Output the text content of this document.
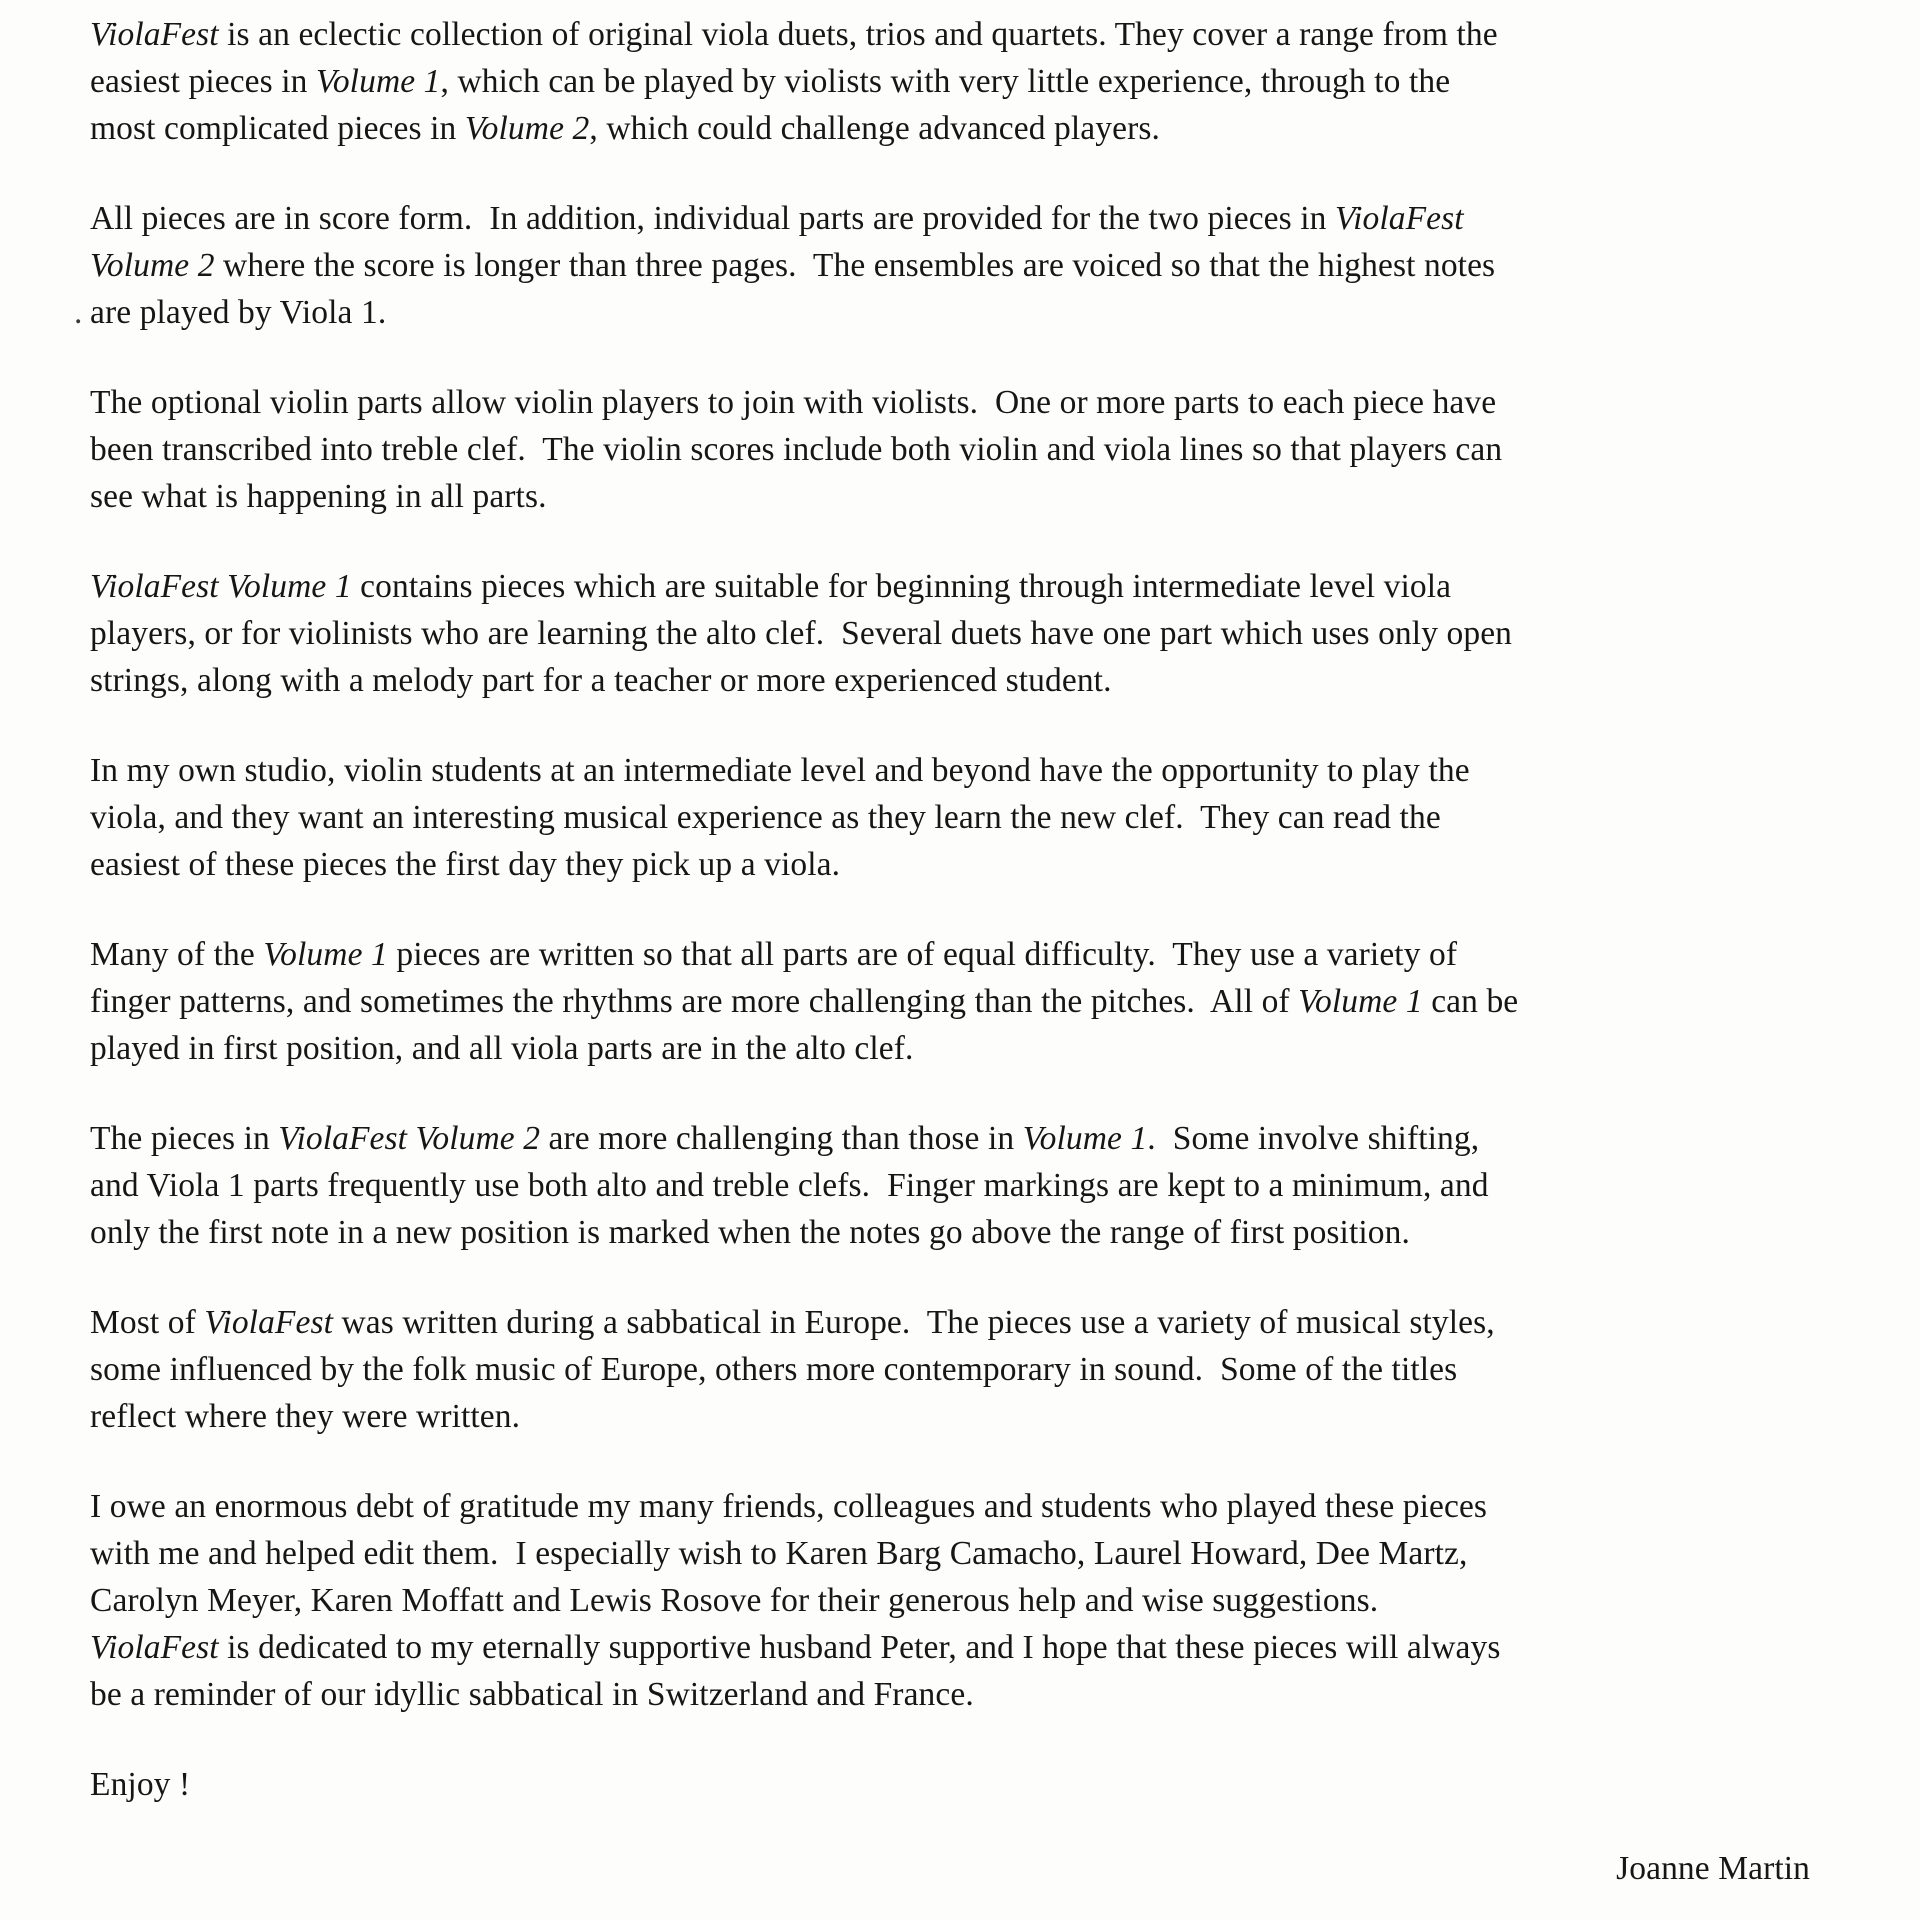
ViolaFest is an eclectic collection of original viola duets, trios and quartets. They cover a range from the
easiest pieces in Volume 1, which can be played by violists with very little experience, through to the
most complicated pieces in Volume 2, which could challenge advanced players.

All pieces are in score form.  In addition, individual parts are provided for the two pieces in ViolaFest
Volume 2 where the score is longer than three pages.  The ensembles are voiced so that the highest notes
are played by Viola 1.
.

The optional violin parts allow violin players to join with violists.  One or more parts to each piece have
been transcribed into treble clef.  The violin scores include both violin and viola lines so that players can
see what is happening in all parts.

ViolaFest Volume 1 contains pieces which are suitable for beginning through intermediate level viola
players, or for violinists who are learning the alto clef.  Several duets have one part which uses only open
strings, along with a melody part for a teacher or more experienced student.

In my own studio, violin students at an intermediate level and beyond have the opportunity to play the
viola, and they want an interesting musical experience as they learn the new clef.  They can read the
easiest of these pieces the first day they pick up a viola.

Many of the Volume 1 pieces are written so that all parts are of equal difficulty.  They use a variety of
finger patterns, and sometimes the rhythms are more challenging than the pitches.  All of Volume 1 can be
played in first position, and all viola parts are in the alto clef.

The pieces in ViolaFest Volume 2 are more challenging than those in Volume 1.  Some involve shifting,
and Viola 1 parts frequently use both alto and treble clefs.  Finger markings are kept to a minimum, and
only the first note in a new position is marked when the notes go above the range of first position.

Most of ViolaFest was written during a sabbatical in Europe.  The pieces use a variety of musical styles,
some influenced by the folk music of Europe, others more contemporary in sound.  Some of the titles
reflect where they were written.

I owe an enormous debt of gratitude my many friends, colleagues and students who played these pieces
with me and helped edit them.  I especially wish to Karen Barg Camacho, Laurel Howard, Dee Martz,
Carolyn Meyer, Karen Moffatt and Lewis Rosove for their generous help and wise suggestions.
ViolaFest is dedicated to my eternally supportive husband Peter, and I hope that these pieces will always
be a reminder of our idyllic sabbatical in Switzerland and France.

Enjoy !

Joanne Martin
